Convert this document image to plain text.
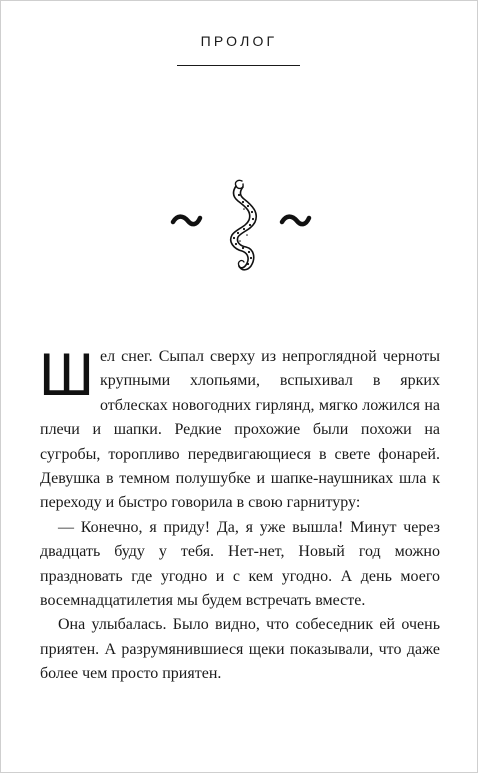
ПРОЛОГ

Шел снег. Сыпал сверху из непроглядной черноты крупными хлопьями, вспыхивал в ярких отблесках новогодних гирлянд, мягко ложился на плечи и шапки. Редкие прохожие были похожи на сугробы, торопливо передвигающиеся в свете фонарей. Девушка в темном полушубке и шапке-наушниках шла к переходу и быстро говорила в свою гарнитуру:

— Конечно, я приду! Да, я уже вышла! Минут через двадцать буду у тебя. Нет-нет, Новый год можно праздновать где угодно и с кем угодно. А день моего восемнадцатилетия мы будем встречать вместе.

Она улыбалась. Было видно, что собеседник ей очень приятен. А разрумянившиеся щеки показывали, что даже более чем просто приятен.
